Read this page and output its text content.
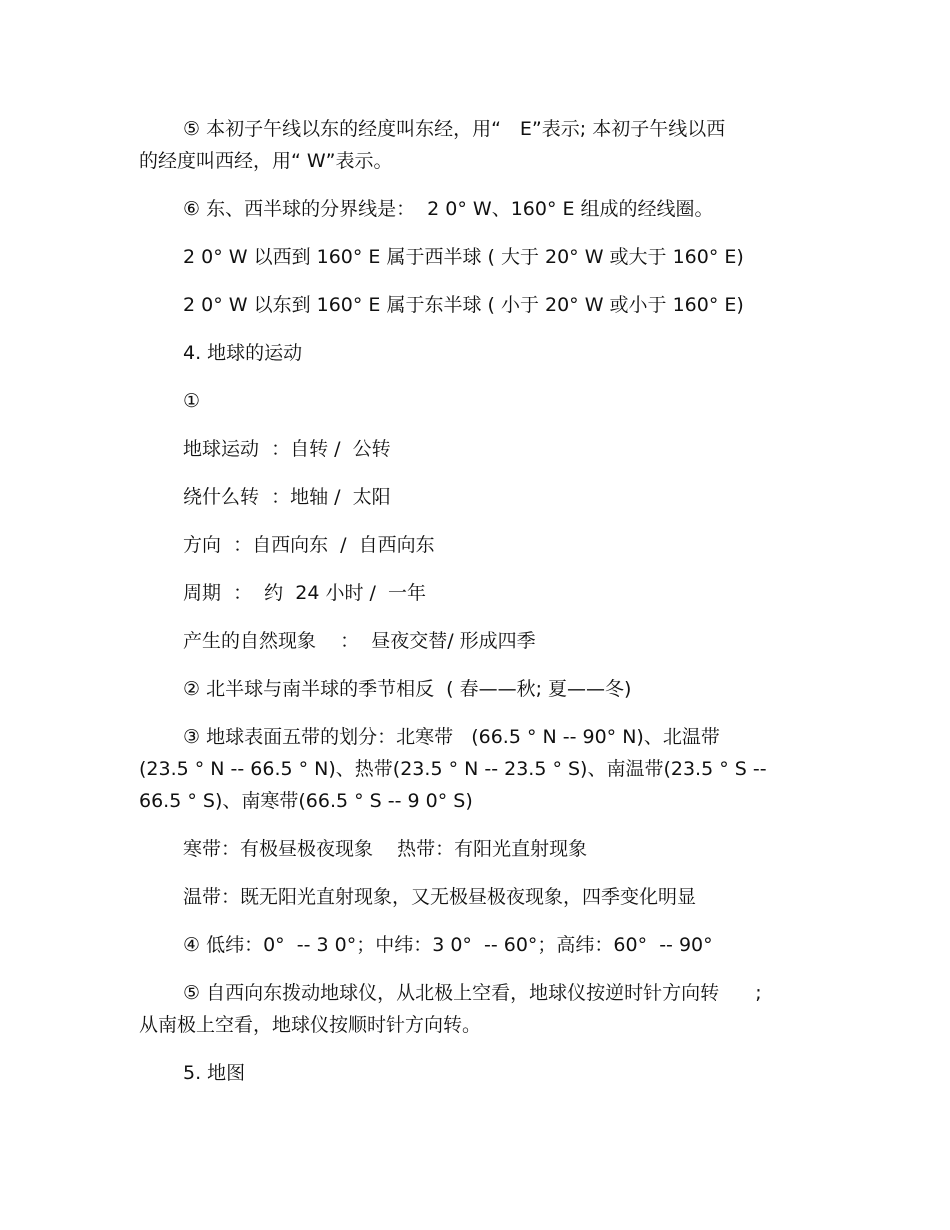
⑤ 本初子午线以东的经度叫东经，用“　E”表示; 本初子午线以西

的经度叫西经，用“ W”表示。

⑥ 东、西半球的分界线是：  2 0° W、160° E 组成的经线圈。

2 0° W 以西到 160° E 属于西半球 ( 大于 20° W 或大于 160° E)

2 0° W 以东到 160° E 属于东半球 ( 小于 20° W 或小于 160° E)

4. 地球的运动

①

地球运动  ：自转 /  公转

绕什么转  ：地轴 /  太阳

方向  ：自西向东  /  自西向东

周期  ：  约  24 小时 /  一年

产生的自然现象    ：  昼夜交替/ 形成四季

② 北半球与南半球的季节相反  ( 春——秋; 夏——冬)

③ 地球表面五带的划分：北寒带   (66.5 ° N -- 90° N)、北温带

(23.5 ° N -- 66.5 ° N)、热带(23.5 ° N -- 23.5 ° S)、南温带(23.5 ° S --

66.5 ° S)、南寒带(66.5 ° S -- 9 0° S)

寒带：有极昼极夜现象    热带：有阳光直射现象

温带：既无阳光直射现象，又无极昼极夜现象，四季变化明显

④ 低纬：0°  -- 3 0°；中纬：3 0°  -- 60°；高纬：60°  -- 90°

⑤ 自西向东拨动地球仪，从北极上空看，地球仪按逆时针方向转      ;

从南极上空看，地球仪按顺时针方向转。

5. 地图
